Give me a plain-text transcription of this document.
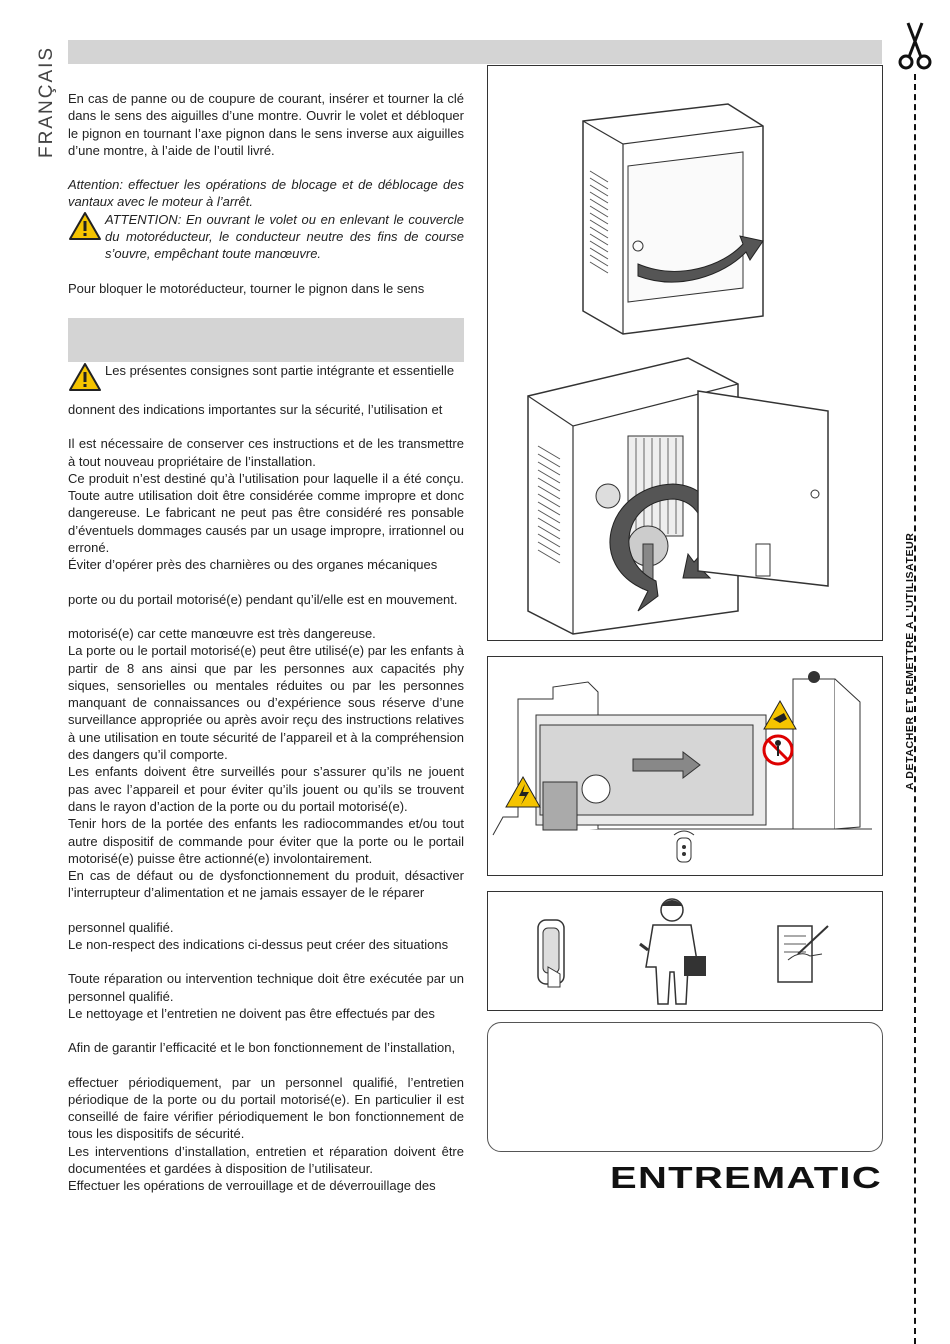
FRANÇAIS En cas de panne ou de coupure de courant, insérer et tourner la clé dans le sens des aiguilles d’une montre. Ouvrir le volet et débloquer le pignon en tournant l’axe pignon dans le sens inverse aux aiguilles d’une montre, à l’aide de l’outil livré.

Attention: effectuer les opérations de blocage et de déblocage des vantaux avec le moteur à l’arrêt.

ATTENTION: En ouvrant le volet ou en enlevant le couvercle du motoréducteur, le conducteur neutre des fins de course s’ouvre, empêchant toute manœuvre.

Pour bloquer le motoréducteur, tourner le pignon dans le sens

Les présentes consignes sont partie intégrante et essentielle

donnent des indications importantes sur la sécurité, l’utilisation et

Il est nécessaire de conserver ces instructions et de les transmettre à tout nouveau propriétaire de l’installation.

Ce produit n’est destiné qu’à l’utilisation pour laquelle il a été conçu. Toute autre utilisation doit être considérée comme impropre et donc dangereuse. Le fabricant ne peut pas être considéré res ponsable d’éventuels dommages causés par un usage impropre, irrationnel ou erroné.

Éviter d’opérer près des charnières ou des organes mécaniques

porte ou du portail motorisé(e) pendant qu’il/elle est en mouvement.

motorisé(e) car cette manœuvre est très dangereuse.

La porte ou le portail motorisé(e) peut être utilisé(e) par les enfants à partir de 8 ans ainsi que par les personnes aux capacités phy siques, sensorielles ou mentales réduites ou par les personnes manquant de connaissances ou d’expérience sous réserve d’une surveillance appropriée ou après avoir reçu des instructions relatives à une utilisation en toute sécurité de l’appareil et à la compréhension des dangers qu’il comporte.

Les enfants doivent être surveillés pour s’assurer qu’ils ne jouent pas avec l’appareil et pour éviter qu’ils jouent ou qu’ils se trouvent dans le rayon d’action de la porte ou du portail motorisé(e).

Tenir hors de la portée des enfants les radiocommandes et/ou tout autre dispositif de commande pour éviter que la porte ou le portail motorisé(e) puisse être actionné(e) involontairement.

En cas de défaut ou de dysfonctionnement du produit, désactiver l’interrupteur d’alimentation et ne jamais essayer de le réparer

personnel qualifié.

Le non-respect des indications ci-dessus peut créer des situations

Toute réparation ou intervention technique doit être exécutée par un personnel qualifié.

Le nettoyage et l’entretien ne doivent pas être effectués par des

Afin de garantir l’efficacité et le bon fonctionnement de l’installation,

effectuer périodiquement, par un personnel qualifié, l’entretien périodique de la porte ou du portail motorisé(e). En particulier il est conseillé de faire vérifier périodiquement le bon fonctionnement de tous les dispositifs de sécurité.

Les interventions d’installation, entretien et réparation doivent être documentées et gardées à disposition de l’utilisateur.

Effectuer les opérations de verrouillage et de déverrouillage des	ENTREMATIC
A DETACHER ET REMETTRE A L’UTILISATEUR
